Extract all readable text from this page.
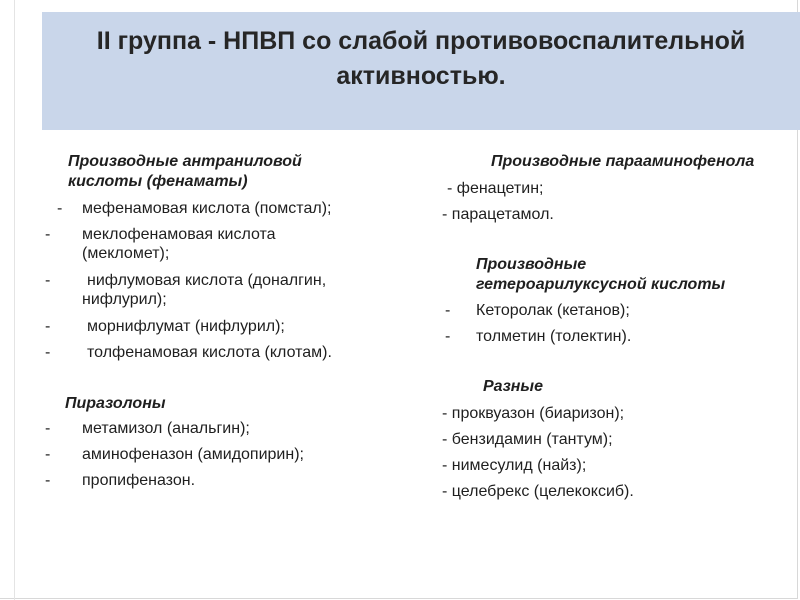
II группа - НПВП со слабой противовоспалительной
активностью.
Производные антраниловой
кислоты (фенаматы)
- мефенамовая кислота (помстал);
- меклофенамовая кислота
(мекломет);
- нифлумовая кислота (доналгин,
нифлурил);
- морнифлумат (нифлурил);
- толфенамовая кислота (клотам).
Пиразолоны
- метамизол (анальгин);
- аминофеназон (амидопирин);
- пропифеназон.
Производные парааминофенола
- фенацетин;
- парацетамол.
Производные
гетероарилуксусной кислоты
- Кеторолак (кетанов);
- толметин (толектин).
Разные
- проквуазон (биаризон);
- бензидамин (тантум);
- нимесулид (найз);
- целебрекс (целекоксиб).
